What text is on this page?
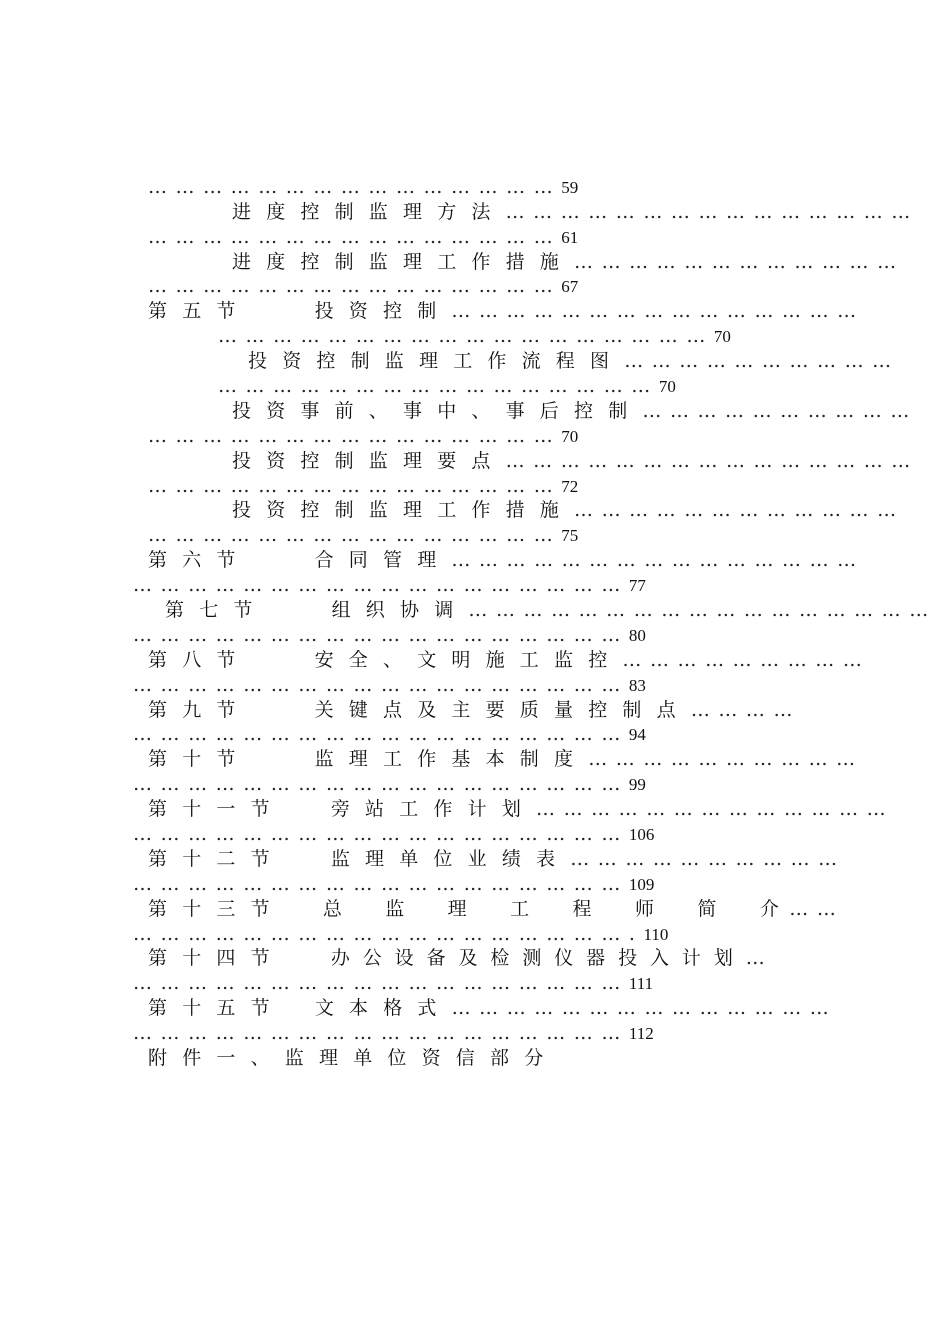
………………………………………59
进度控制监理方法………………………………………
………………………………………61
进度控制监理工作措施………………………………
………………………………………67
第五节	投资控制………………………………………
………………………………………………70
投资控制监理工作流程图…………………………
…………………………………………70
投资事前、事中、事后控制…………………………
………………………………………70
投资控制监理要点………………………………………
………………………………………72
投资控制监理工作措施………………………………
………………………………………75
第六节	合同管理………………………………………
………………………………………………77
第七节	组织协调……………………………………………
………………………………………………80
第八节	安全、文明施工监控………………………
………………………………………………83
第九节	关键点及主要质量控制点…………
………………………………………………94
第十节	监理工作基本制度…………………………
………………………………………………99
第十一节 旁站工作计划…………………………………
………………………………………………106
第十二节 监理单位业绩表…………………………
………………………………………………109
第十三节 总  监  理  工  程  师  简  介……
……………………………………………….110
第十四节 办公设备及检测仪器投入计划…
………………………………………………111
第十五节 文本格式……………………………………
………………………………………………112
附件一、监理单位资信部分
